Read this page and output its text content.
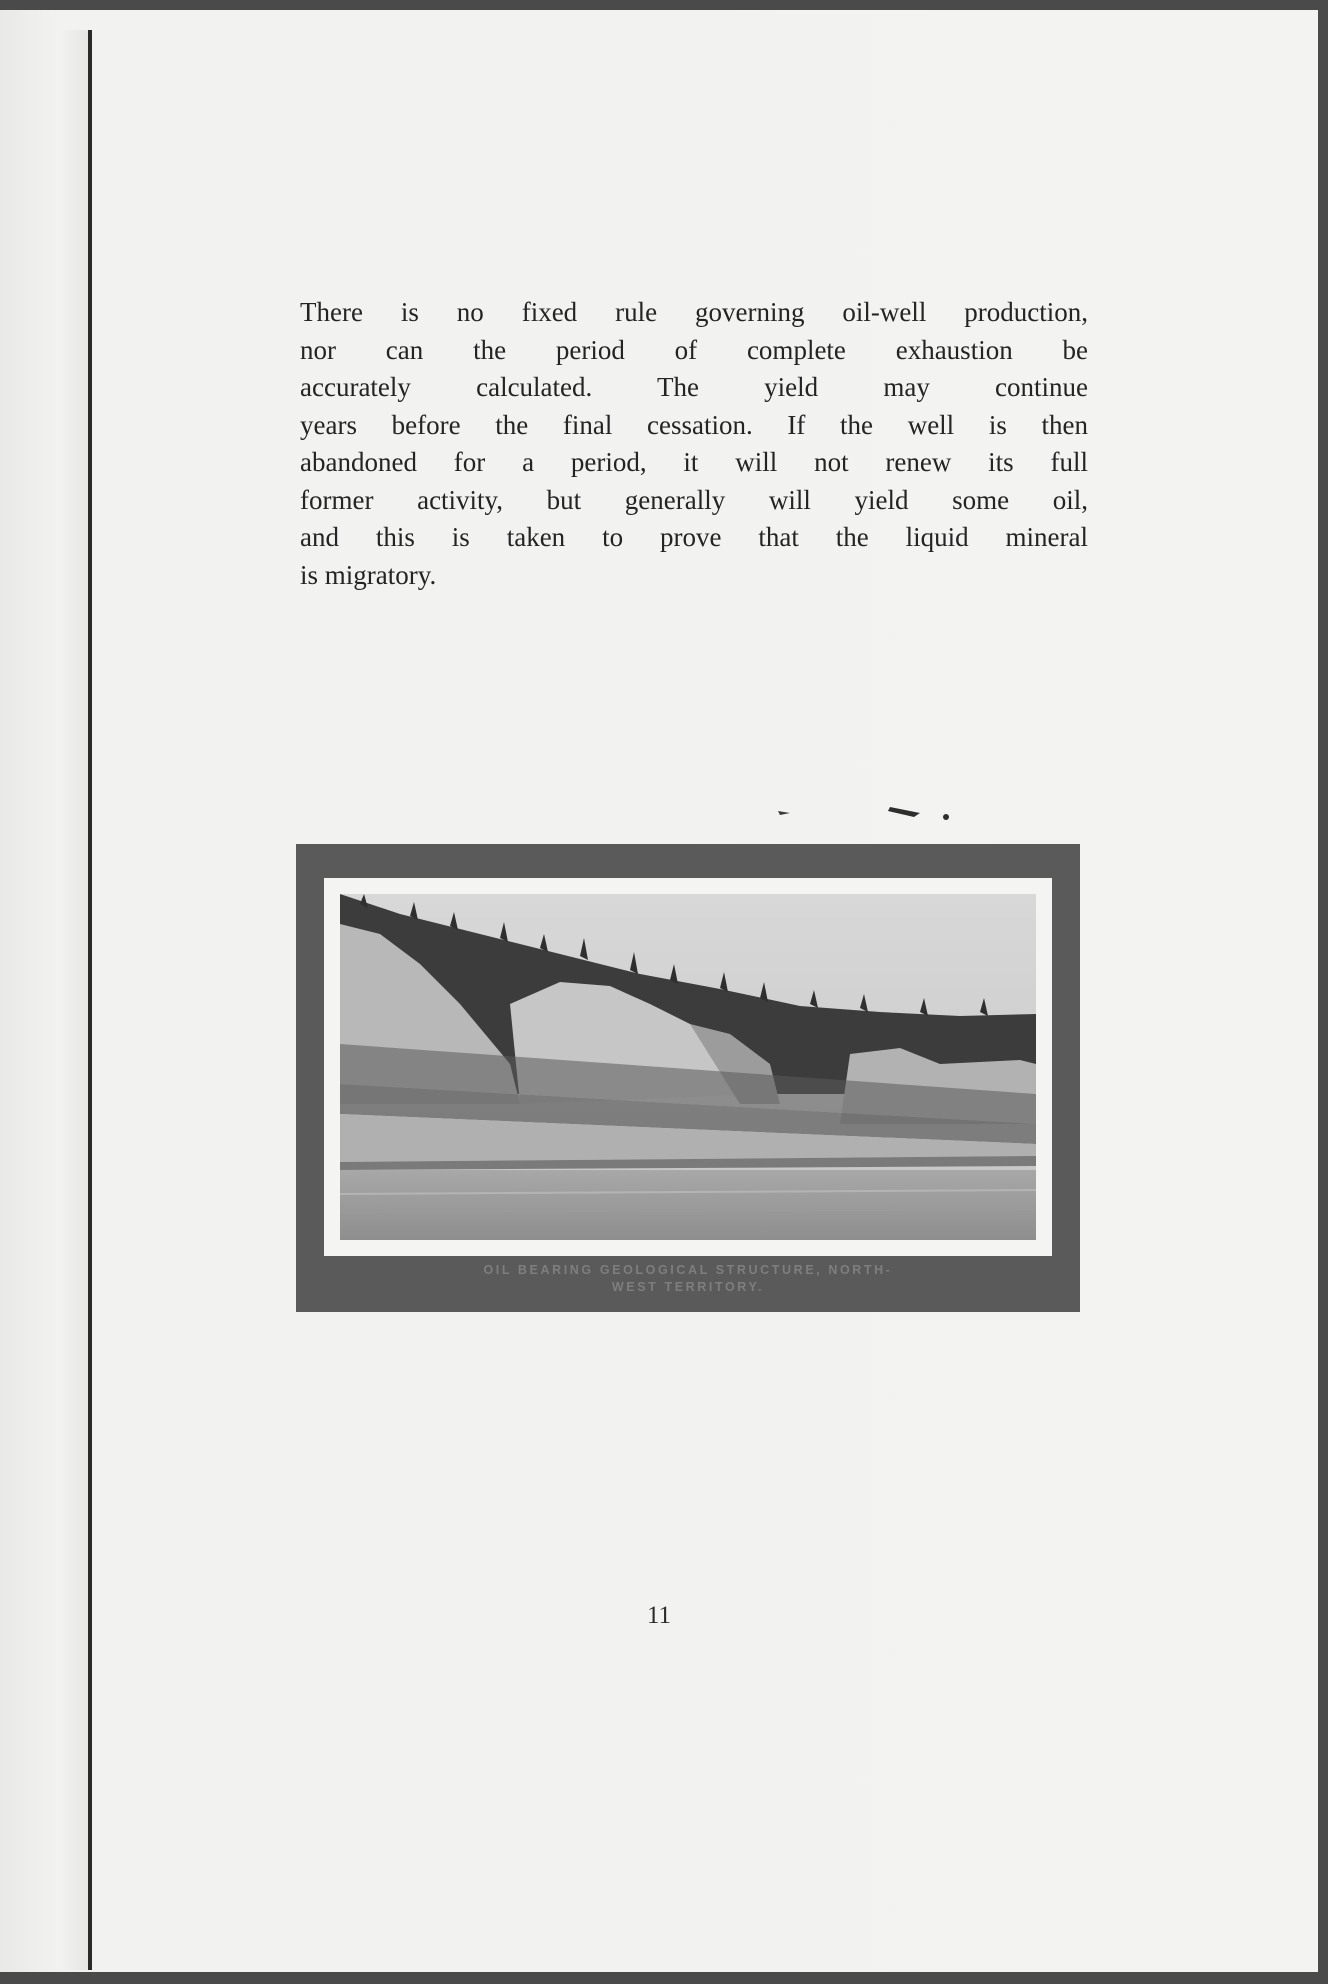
There is no fixed rule governing oil-well production,
nor can the period of complete exhaustion be
accurately calculated. The yield may continue
years before the final cessation. If the well is then
abandoned for a period, it will not renew its full
former activity, but generally will yield some oil,
and this is taken to prove that the liquid mineral
is migratory.
OIL BEARING GEOLOGICAL STRUCTURE, NORTH-
WEST TERRITORY.
11
